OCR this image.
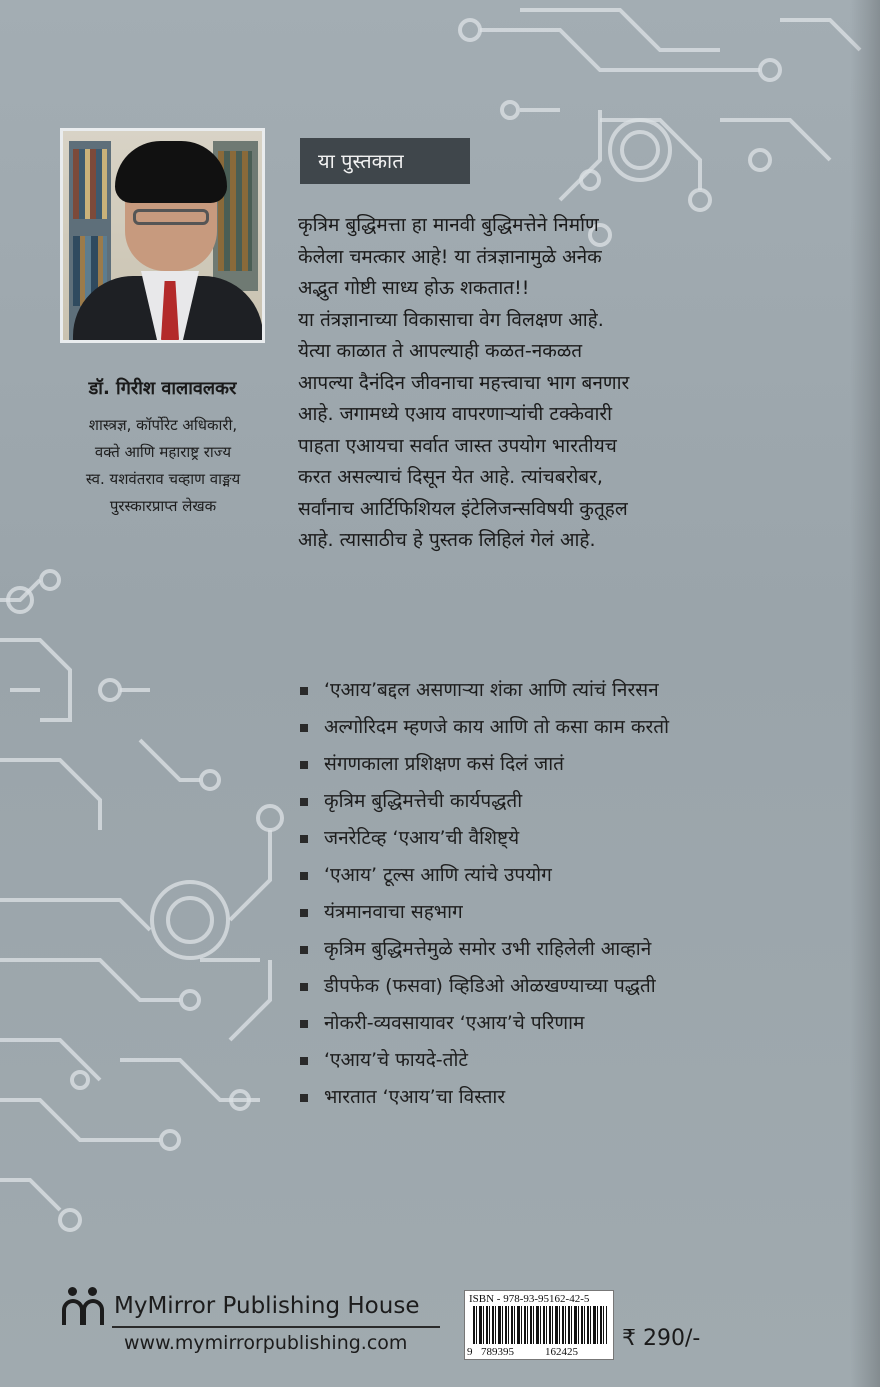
डॉ. गिरीश वालावलकर
शास्त्रज्ञ, कॉर्पोरेट अधिकारी,
वक्ते आणि महाराष्ट्र राज्य
स्व. यशवंतराव चव्हाण वाङ्मय
पुरस्कारप्राप्त लेखक
या पुस्तकात

कृत्रिम बुद्धिमत्ता हा मानवी बुद्धिमत्तेने निर्माण

केलेला चमत्कार आहे! या तंत्रज्ञानामुळे अनेक

अद्भुत गोष्टी साध्य होऊ शकतात!!

या तंत्रज्ञानाच्या विकासाचा वेग विलक्षण आहे.

येत्या काळात ते आपल्याही कळत-नकळत

आपल्या दैनंदिन जीवनाचा महत्त्वाचा भाग बनणार

आहे. जगामध्ये एआय वापरणाऱ्यांची टक्केवारी

पाहता एआयचा सर्वात जास्त उपयोग भारतीयच

करत असल्याचं दिसून येत आहे. त्यांचबरोबर,

सर्वांनाच आर्टिफिशियल इंटेलिजन्सविषयी कुतूहल

आहे. त्यासाठीच हे पुस्तक लिहिलं गेलं आहे.

‘एआय’बद्दल असणाऱ्या शंका आणि त्यांचं निरसन
अल्गोरिदम म्हणजे काय आणि तो कसा काम करतो
संगणकाला प्रशिक्षण कसं दिलं जातं
कृत्रिम बुद्धिमत्तेची कार्यपद्धती
जनरेटिव्ह ‘एआय’ची वैशिष्ट्ये
‘एआय’ टूल्स आणि त्यांचे उपयोग
यंत्रमानवाचा सहभाग
कृत्रिम बुद्धिमत्तेमुळे समोर उभी राहिलेली आव्हाने
डीपफेक (फसवा) व्हिडिओ ओळखण्याच्या पद्धती
नोकरी-व्यवसायावर ‘एआय’चे परिणाम
‘एआय’चे फायदे-तोटे
भारतात ‘एआय’चा विस्तार
MyMirror Publishing House
www.mymirrorpublishing.com
ISBN - 978-93-95162-42-5
9 789395	162425
₹ 290/-
